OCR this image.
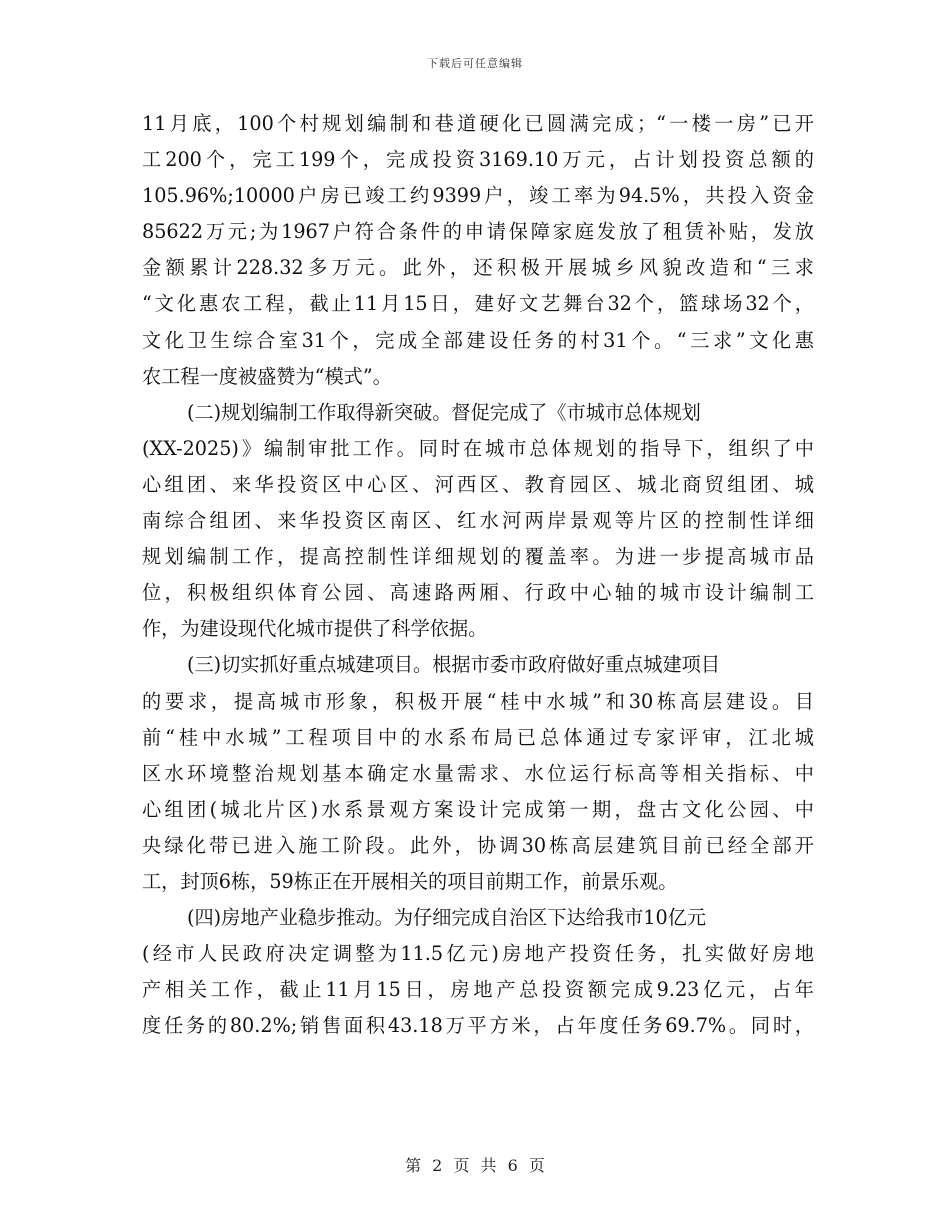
下载后可任意编辑
11月底，100个村规划编制和巷道硬化已圆满完成；“一楼一房”已开
工200个，完工199个，完成投资3169.10万元，占计划投资总额的
105.96%;10000户房已竣工约9399户，竣工率为94.5%，共投入资金
85622万元;为1967户符合条件的申请保障家庭发放了租赁补贴，发放
金额累计228.32多万元。此外，还积极开展城乡风貌改造和“三求
“文化惠农工程，截止11月15日，建好文艺舞台32个，篮球场32个，
文化卫生综合室31个，完成全部建设任务的村31个。“三求”文化惠
农工程一度被盛赞为“模式”。
(二)规划编制工作取得新突破。督促完成了《市城市总体规划
(XX-2025)》编制审批工作。同时在城市总体规划的指导下，组织了中
心组团、来华投资区中心区、河西区、教育园区、城北商贸组团、城
南综合组团、来华投资区南区、红水河两岸景观等片区的控制性详细
规划编制工作，提高控制性详细规划的覆盖率。为进一步提高城市品
位，积极组织体育公园、高速路两厢、行政中心轴的城市设计编制工
作，为建设现代化城市提供了科学依据。
(三)切实抓好重点城建项目。根据市委市政府做好重点城建项目
的要求，提高城市形象，积极开展“桂中水城”和30栋高层建设。目
前“桂中水城”工程项目中的水系布局已总体通过专家评审，江北城
区水环境整治规划基本确定水量需求、水位运行标高等相关指标、中
心组团(城北片区)水系景观方案设计完成第一期，盘古文化公园、中
央绿化带已进入施工阶段。此外，协调30栋高层建筑目前已经全部开
工，封顶6栋，59栋正在开展相关的项目前期工作，前景乐观。
(四)房地产业稳步推动。为仔细完成自治区下达给我市10亿元
(经市人民政府决定调整为11.5亿元)房地产投资任务，扎实做好房地
产相关工作，截止11月15日，房地产总投资额完成9.23亿元，占年
度任务的80.2%;销售面积43.18万平方米，占年度任务69.7%。同时，
第 2 页 共 6 页
